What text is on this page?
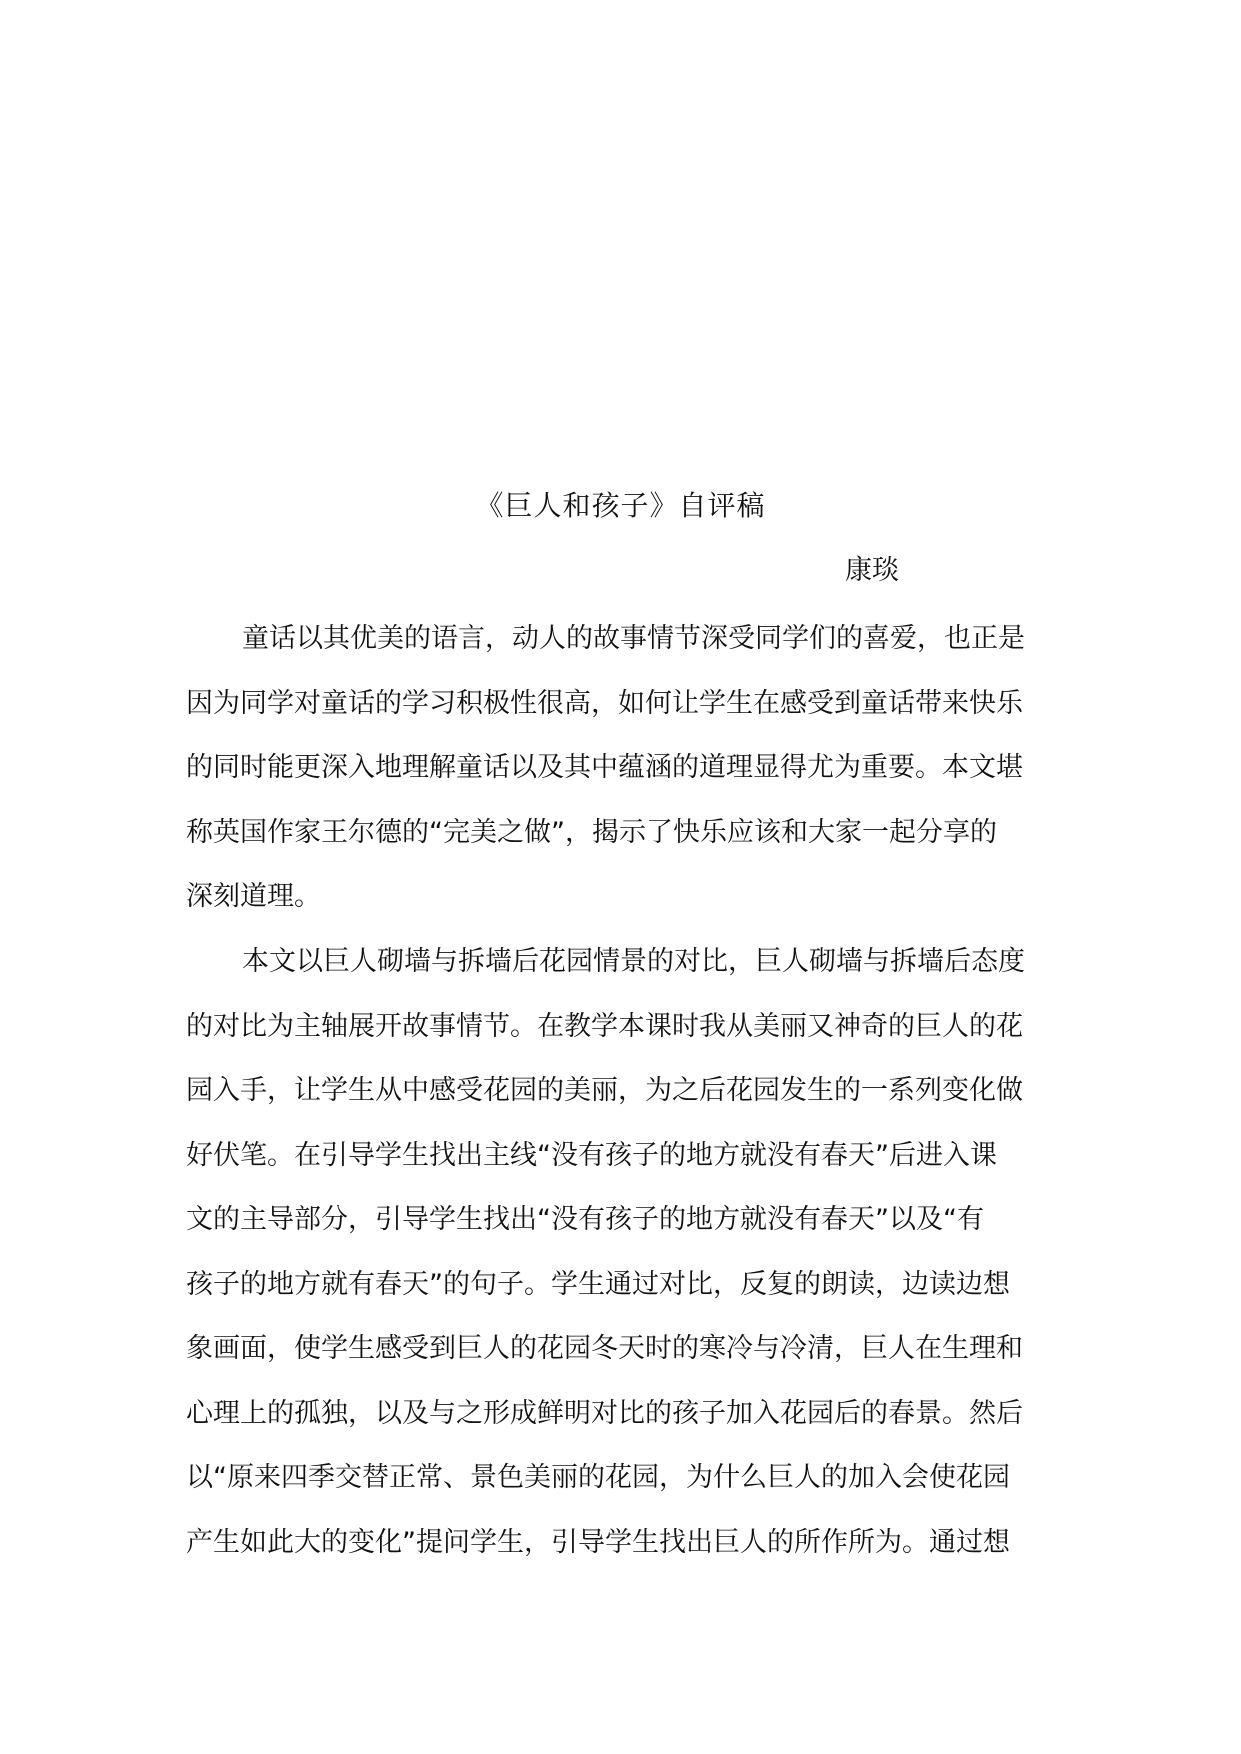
《巨人和孩子》自评稿
康琰
童话以其优美的语言，动人的故事情节深受同学们的喜爱，也正是
因为同学对童话的学习积极性很高，如何让学生在感受到童话带来快乐
的同时能更深入地理解童话以及其中蕴涵的道理显得尤为重要。本文堪
称英国作家王尔德的“完美之做”，揭示了快乐应该和大家一起分享的
深刻道理。
本文以巨人砌墙与拆墙后花园情景的对比，巨人砌墙与拆墙后态度
的对比为主轴展开故事情节。在教学本课时我从美丽又神奇的巨人的花
园入手，让学生从中感受花园的美丽，为之后花园发生的一系列变化做
好伏笔。在引导学生找出主线“没有孩子的地方就没有春天”后进入课
文的主导部分，引导学生找出“没有孩子的地方就没有春天”以及“有
孩子的地方就有春天”的句子。学生通过对比，反复的朗读，边读边想
象画面，使学生感受到巨人的花园冬天时的寒冷与冷清，巨人在生理和
心理上的孤独，以及与之形成鲜明对比的孩子加入花园后的春景。然后
以“原来四季交替正常、景色美丽的花园，为什么巨人的加入会使花园
产生如此大的变化”提问学生，引导学生找出巨人的所作所为。通过想
